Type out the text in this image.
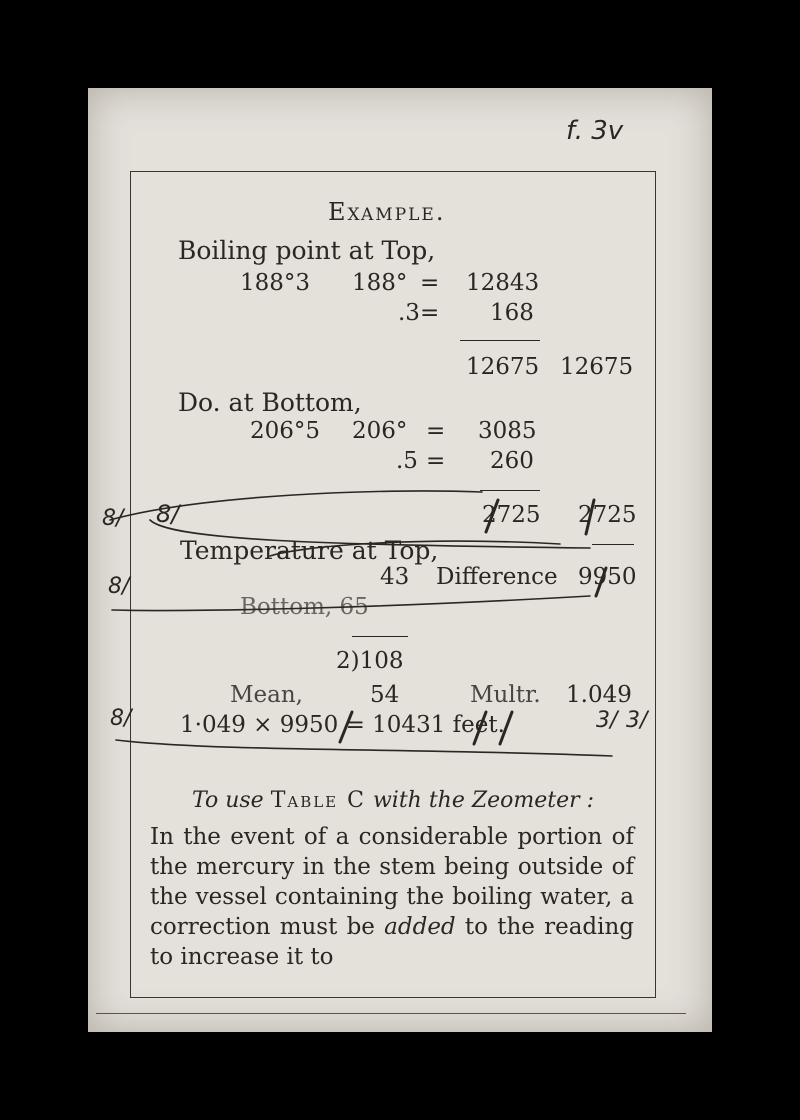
f. 3v
Example.
Boiling point at Top,
188°3 188° = 12843
.3 = 168
12675 12675
Do. at Bottom,
206°5 206° = 3085
.5 = 260
2725 2725
Temperature at Top,
43 Difference 9950
Bottom, 65
2)108
Mean,	54	Multr. 1.049
1·049 × 9950 = 10431 feet.
8/ 8/
8/
8/	3/ 3/
To use Table C with the Zeometer :
In the event of a considerable portion of the mercury in the stem being outside of the vessel containing the boiling water, a correction must be added to the reading to increase it to
